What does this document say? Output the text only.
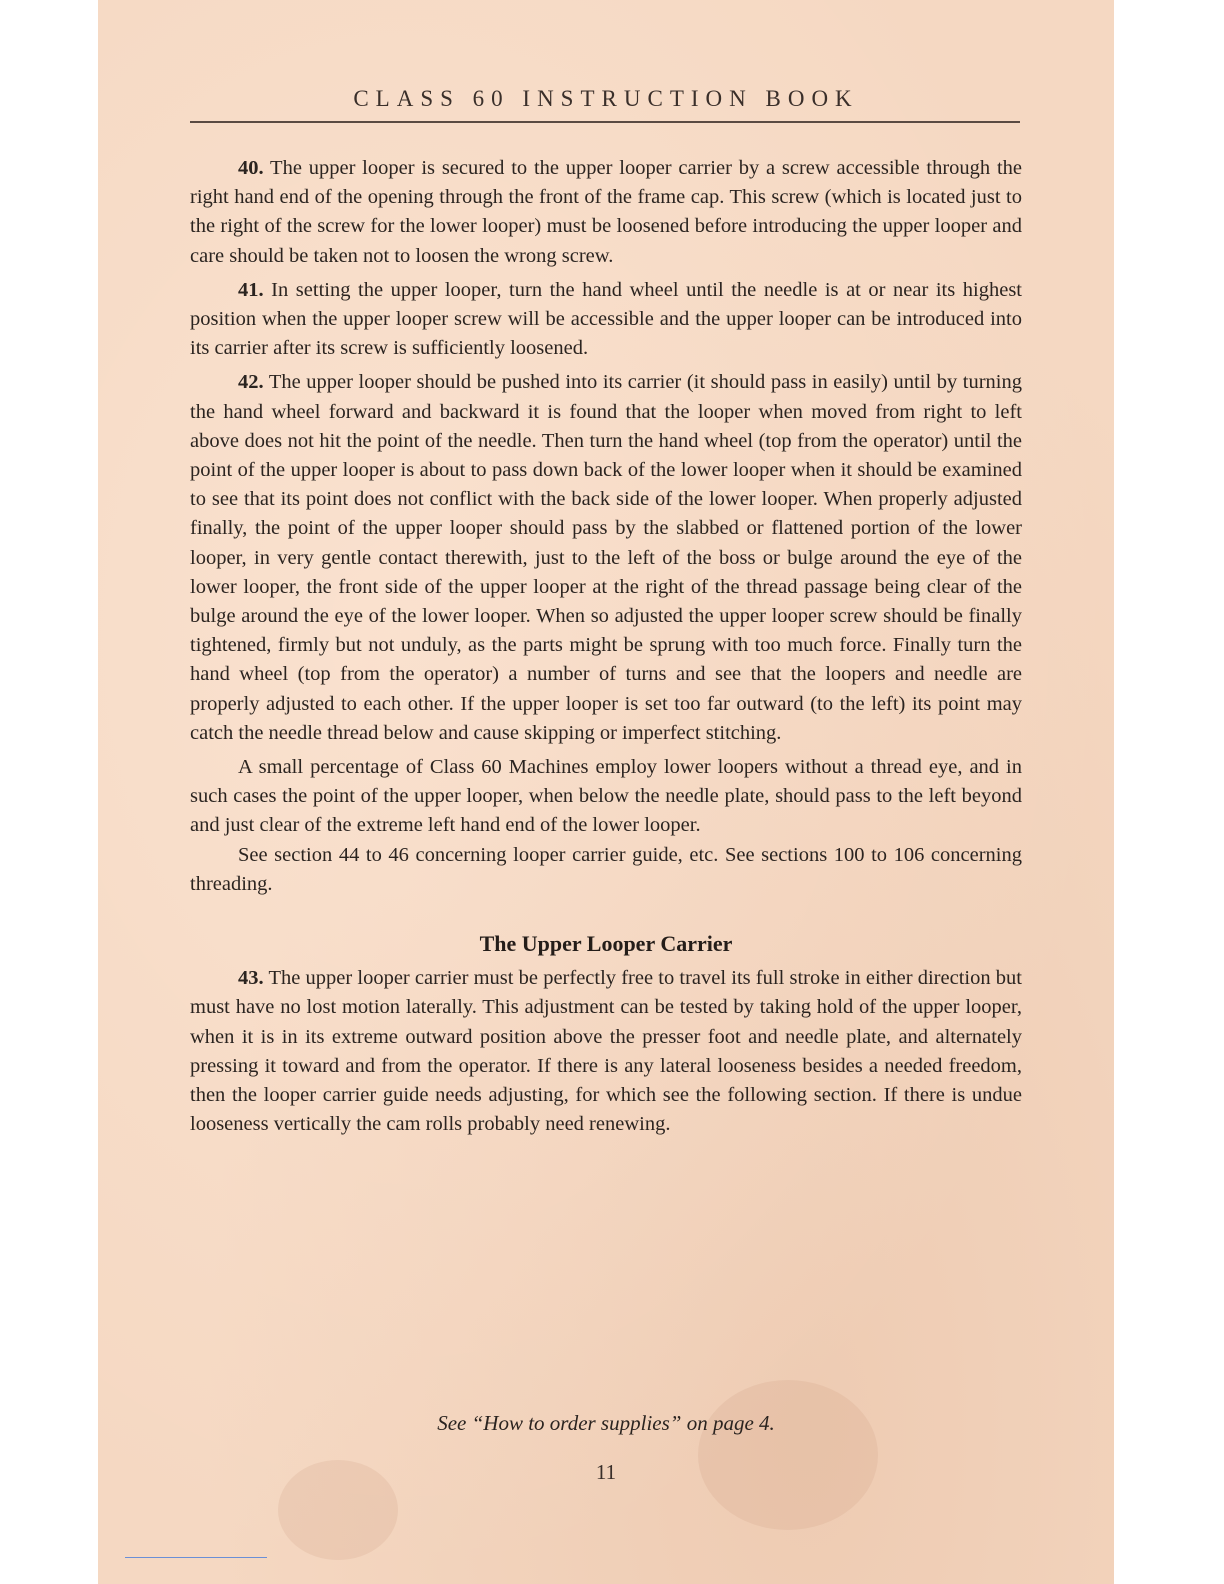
CLASS 60 INSTRUCTION BOOK

40. The upper looper is secured to the upper looper carrier by a screw accessible through the right hand end of the opening through the front of the frame cap. This screw (which is located just to the right of the screw for the lower looper) must be loosened before introducing the upper looper and care should be taken not to loosen the wrong screw.

41. In setting the upper looper, turn the hand wheel until the needle is at or near its highest position when the upper looper screw will be accessible and the upper looper can be introduced into its carrier after its screw is sufficiently loosened.

42. The upper looper should be pushed into its carrier (it should pass in easily) until by turning the hand wheel forward and backward it is found that the looper when moved from right to left above does not hit the point of the needle. Then turn the hand wheel (top from the operator) until the point of the upper looper is about to pass down back of the lower looper when it should be examined to see that its point does not conflict with the back side of the lower looper. When properly adjusted finally, the point of the upper looper should pass by the slabbed or flattened portion of the lower looper, in very gentle contact therewith, just to the left of the boss or bulge around the eye of the lower looper, the front side of the upper looper at the right of the thread passage being clear of the bulge around the eye of the lower looper. When so adjusted the upper looper screw should be finally tightened, firmly but not unduly, as the parts might be sprung with too much force. Finally turn the hand wheel (top from the operator) a number of turns and see that the loopers and needle are properly adjusted to each other. If the upper looper is set too far outward (to the left) its point may catch the needle thread below and cause skipping or imperfect stitching.

A small percentage of Class 60 Machines employ lower loopers without a thread eye, and in such cases the point of the upper looper, when below the needle plate, should pass to the left beyond and just clear of the extreme left hand end of the lower looper.

See section 44 to 46 concerning looper carrier guide, etc. See sections 100 to 106 concerning threading.

The Upper Looper Carrier

43. The upper looper carrier must be perfectly free to travel its full stroke in either direction but must have no lost motion laterally. This adjustment can be tested by taking hold of the upper looper, when it is in its extreme outward position above the presser foot and needle plate, and alternately pressing it toward and from the operator. If there is any lateral looseness besides a needed freedom, then the looper carrier guide needs adjusting, for which see the following section. If there is undue looseness vertically the cam rolls probably need renewing.

See “How to order supplies” on page 4.
11
